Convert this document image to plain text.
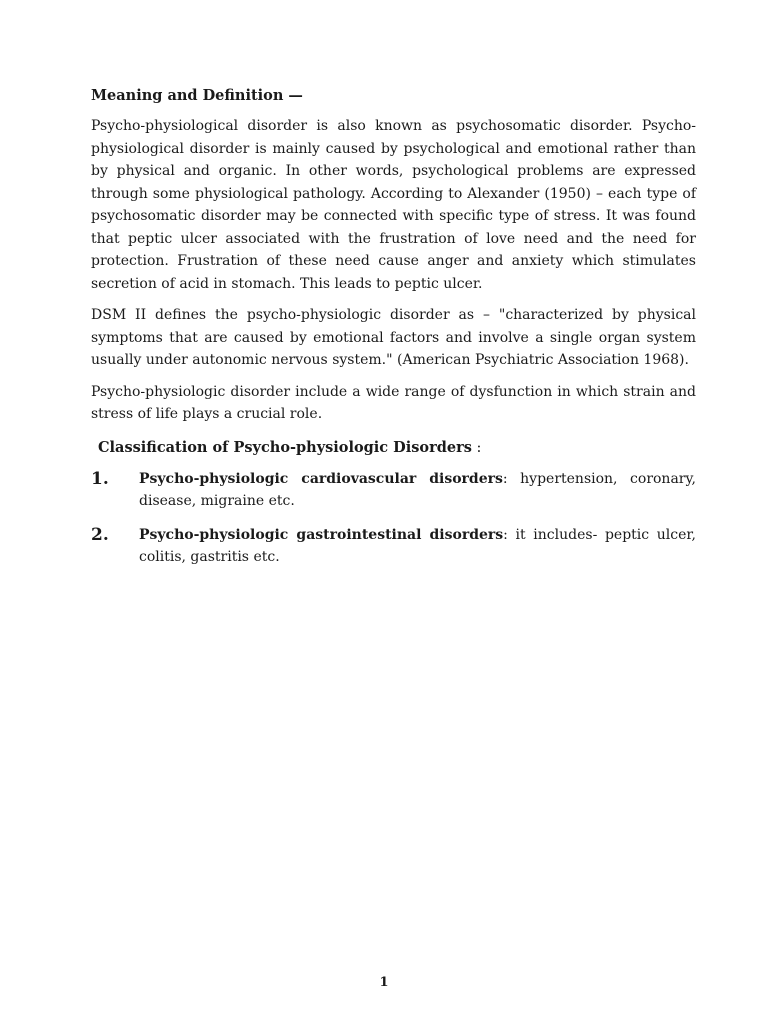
Meaning and Definition —

Psycho-physiological disorder is also known as psychosomatic disorder. Psycho-physiological disorder is mainly caused by psychological and emotional rather than by physical and organic. In other words, psychological problems are expressed through some physiological pathology. According to Alexander (1950) – each type of psychosomatic disorder may be connected with specific type of stress. It was found that peptic ulcer associated with the frustration of love need and the need for protection. Frustration of these need cause anger and anxiety which stimulates secretion of acid in stomach. This leads to peptic ulcer.

DSM II defines the psycho-physiologic disorder as – "characterized by physical symptoms that are caused by emotional factors and involve a single organ system usually under autonomic nervous system." (American Psychiatric Association 1968).

Psycho-physiologic disorder include a wide range of dysfunction in which strain and stress of life plays a crucial role.

Classification of Psycho-physiologic Disorders :
1.	Psycho-physiologic cardiovascular disorders: hypertension, coronary, disease, migraine etc.
2.	Psycho-physiologic gastrointestinal disorders: it includes- peptic ulcer, colitis, gastritis etc.
1
